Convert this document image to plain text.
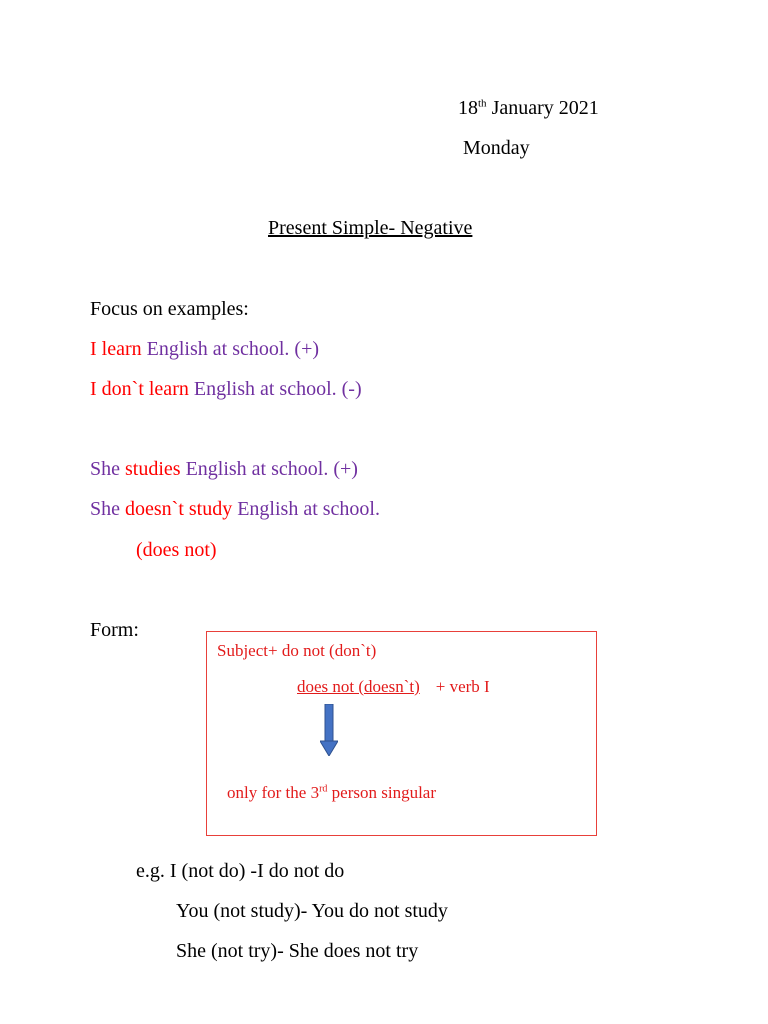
18th January 2021
Monday
Present Simple- Negative
Focus on examples:
I learn English at school. (+)
I don`t learn English at school. (-)
She studies English at school. (+)
She doesn`t study English at school.
(does not)
Form:
Subject+ do not (don`t)
does not (doesn`t) + verb I
only for the 3rd person singular
e.g. I (not do) -I do not do
You (not study)- You do not study
She (not try)- She does not try
